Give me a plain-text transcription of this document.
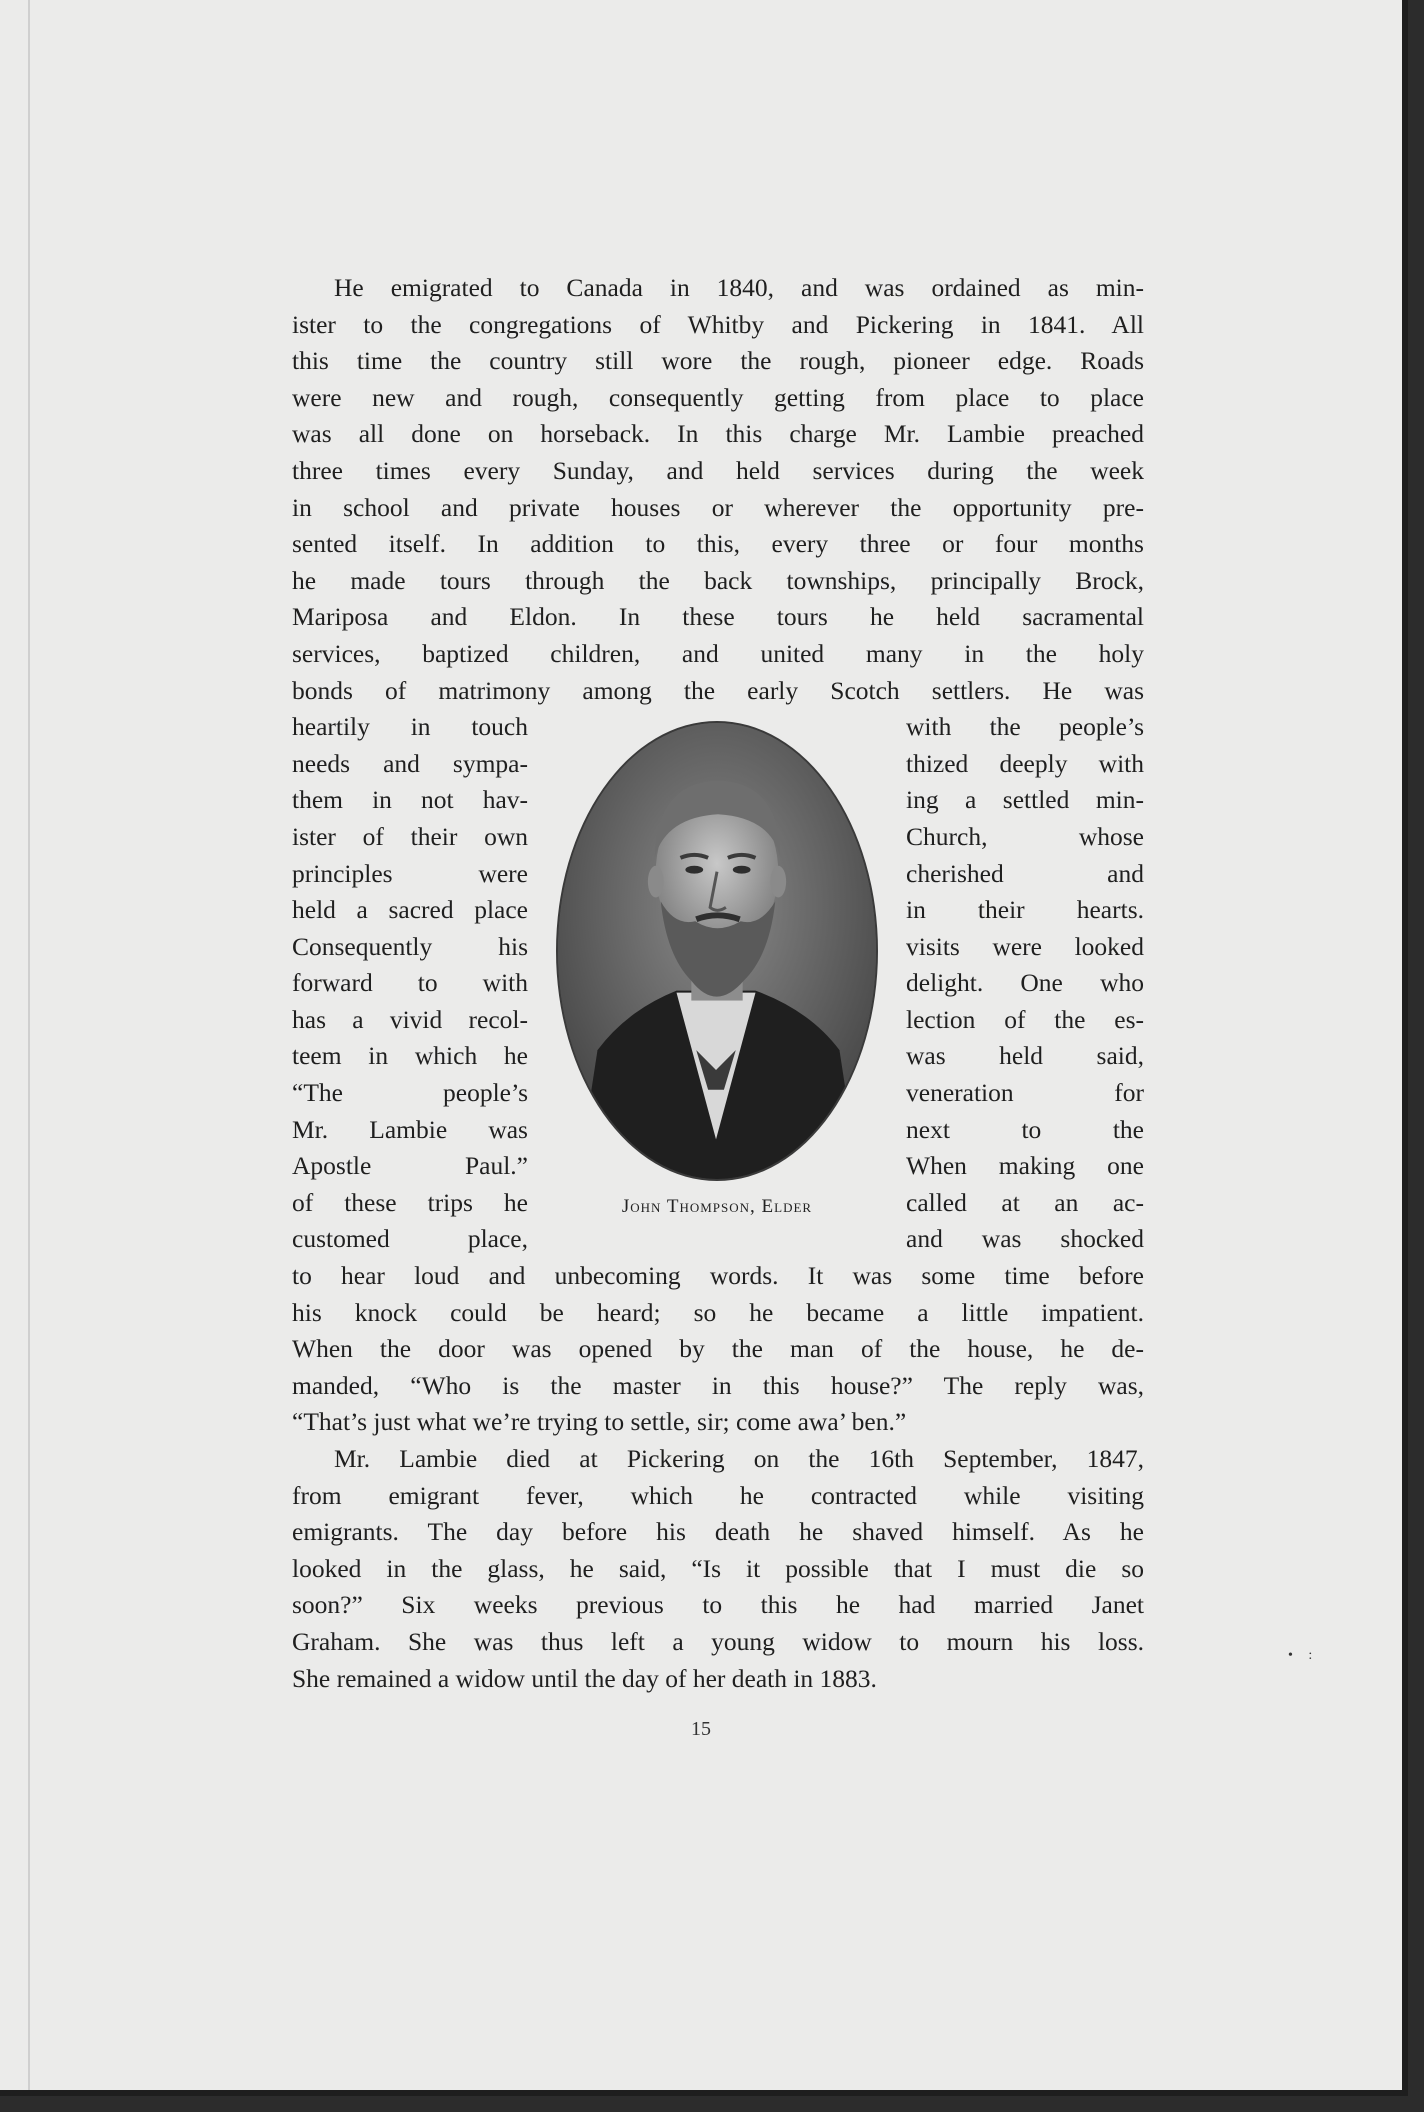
He emigrated to Canada in 1840, and was ordained as min-
ister to the congregations of Whitby and Pickering in 1841. All
this time the country still wore the rough, pioneer edge. Roads
were new and rough, consequently getting from place to place
was all done on horseback. In this charge Mr. Lambie preached
three times every Sunday, and held services during the week
in school and private houses or wherever the opportunity pre-
sented itself. In addition to this, every three or four months
he made tours through the back townships, principally Brock,
Mariposa and Eldon. In these tours he held sacramental
services, baptized children, and united many in the holy
bonds of matrimony among the early Scotch settlers. He was

heartily in touch
needs and sympa-
them in not hav-
ister of their own
principles were
held a sacred place
Consequently his
forward to with
has a vivid recol-
teem in which he
“The people’s
Mr. Lambie was
Apostle Paul.”
of these trips he
customed place,
John Thompson, Elder
with the people’s
thized deeply with
ing a settled min-
Church, whose
cherished and
in their hearts.
visits were looked
delight. One who
lection of the es-
was held said,
veneration for
next to the
When making one
called at an ac-
and was shocked

to hear loud and unbecoming words. It was some time before
his knock could be heard; so he became a little impatient.
When the door was opened by the man of the house, he de-
manded, “Who is the master in this house?” The reply was,
“That’s just what we’re trying to settle, sir; come awa’ ben.”

Mr. Lambie died at Pickering on the 16th September, 1847,
from emigrant fever, which he contracted while visiting
emigrants. The day before his death he shaved himself. As he
looked in the glass, he said, “Is it possible that I must die so
soon?” Six weeks previous to this he had married Janet
Graham. She was thus left a young widow to mourn his loss.
She remained a widow until the day of her death in 1883.

15
• :
